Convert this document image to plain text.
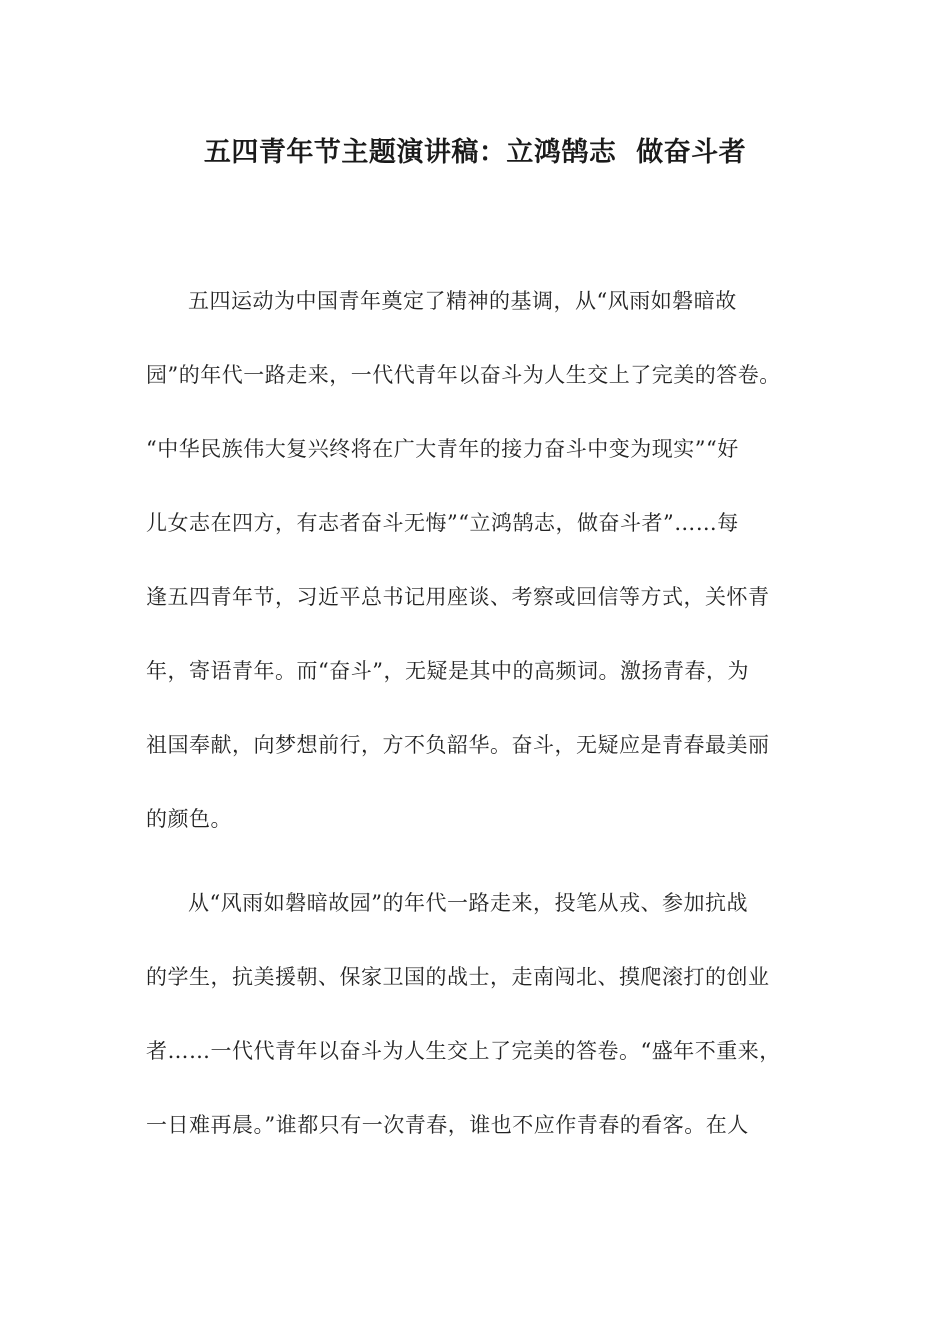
五四青年节主题演讲稿：立鸿鹄志  做奋斗者
五四运动为中国青年奠定了精神的基调，从“风雨如磐暗故
园”的年代一路走来，一代代青年以奋斗为人生交上了完美的答卷。
“中华民族伟大复兴终将在广大青年的接力奋斗中变为现实”“好
儿女志在四方，有志者奋斗无悔”“立鸿鹄志，做奋斗者”……每
逢五四青年节，习近平总书记用座谈、考察或回信等方式，关怀青
年，寄语青年。而“奋斗”，无疑是其中的高频词。激扬青春，为
祖国奉献，向梦想前行，方不负韶华。奋斗，无疑应是青春最美丽
的颜色。
从“风雨如磐暗故园”的年代一路走来，投笔从戎、参加抗战
的学生，抗美援朝、保家卫国的战士，走南闯北、摸爬滚打的创业
者……一代代青年以奋斗为人生交上了完美的答卷。“盛年不重来，
一日难再晨。”谁都只有一次青春，谁也不应作青春的看客。在人
